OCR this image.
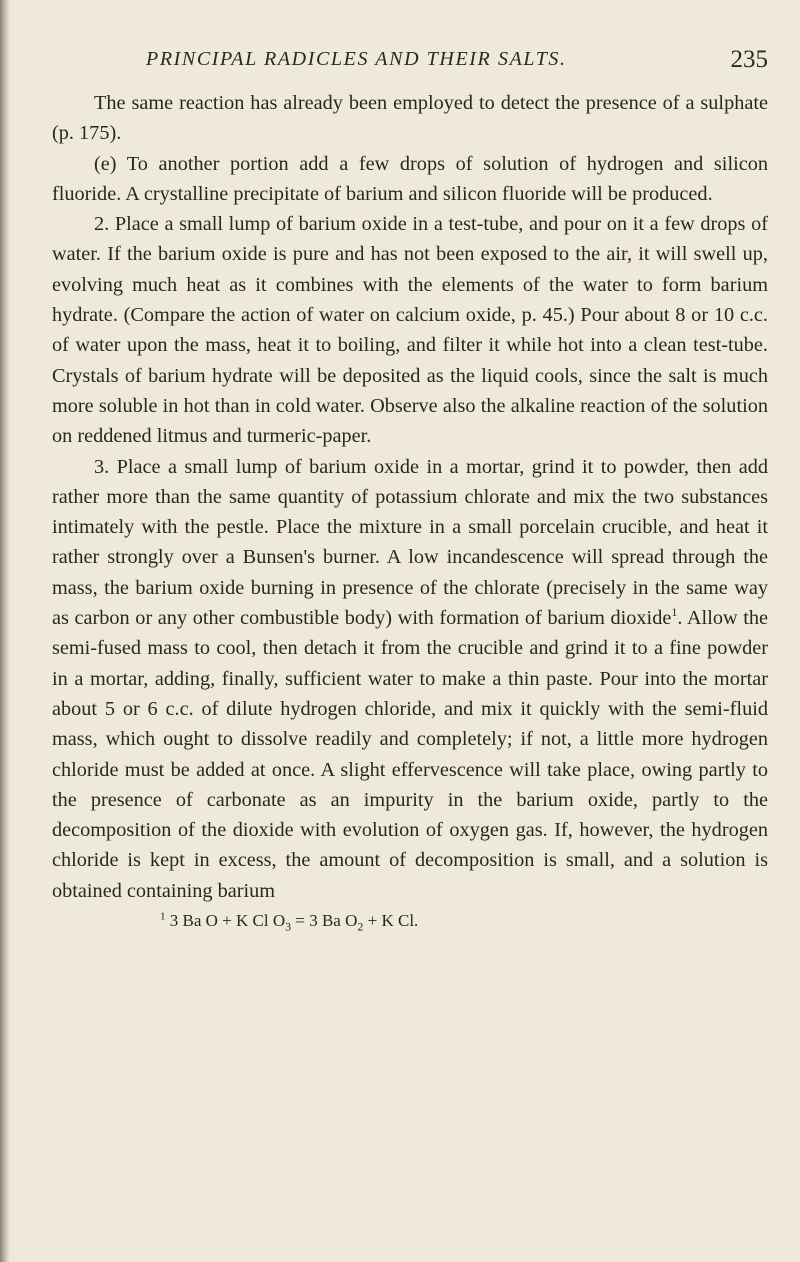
PRINCIPAL RADICLES AND THEIR SALTS.	235

The same reaction has already been employed to detect the presence of a sulphate (p. 175).

(e) To another portion add a few drops of solution of hydrogen and silicon fluoride. A crystalline precipitate of barium and silicon fluoride will be produced.

2. Place a small lump of barium oxide in a test-tube, and pour on it a few drops of water. If the barium oxide is pure and has not been exposed to the air, it will swell up, evolving much heat as it combines with the elements of the water to form barium hydrate. (Compare the action of water on calcium oxide, p. 45.) Pour about 8 or 10 c.c. of water upon the mass, heat it to boiling, and filter it while hot into a clean test-tube. Crystals of barium hydrate will be deposited as the liquid cools, since the salt is much more soluble in hot than in cold water. Observe also the alkaline reaction of the solution on reddened litmus and turmeric-paper.

3. Place a small lump of barium oxide in a mortar, grind it to powder, then add rather more than the same quantity of potassium chlorate and mix the two substances intimately with the pestle. Place the mixture in a small porcelain crucible, and heat it rather strongly over a Bunsen's burner. A low incandescence will spread through the mass, the barium oxide burning in presence of the chlorate (precisely in the same way as carbon or any other combustible body) with formation of barium dioxide$^1$. Allow the semi-fused mass to cool, then detach it from the crucible and grind it to a fine powder in a mortar, adding, finally, sufficient water to make a thin paste. Pour into the mortar about 5 or 6 c.c. of dilute hydrogen chloride, and mix it quickly with the semi-fluid mass, which ought to dissolve readily and completely; if not, a little more hydrogen chloride must be added at once. A slight effervescence will take place, owing partly to the presence of carbonate as an impurity in the barium oxide, partly to the decomposition of the dioxide with evolution of oxygen gas. If, however, the hydrogen chloride is kept in excess, the amount of decomposition is small, and a solution is obtained containing barium

$^1$ 3 Ba O + K Cl $O_3 = 3$ Ba $O_2 + K$ Cl.
